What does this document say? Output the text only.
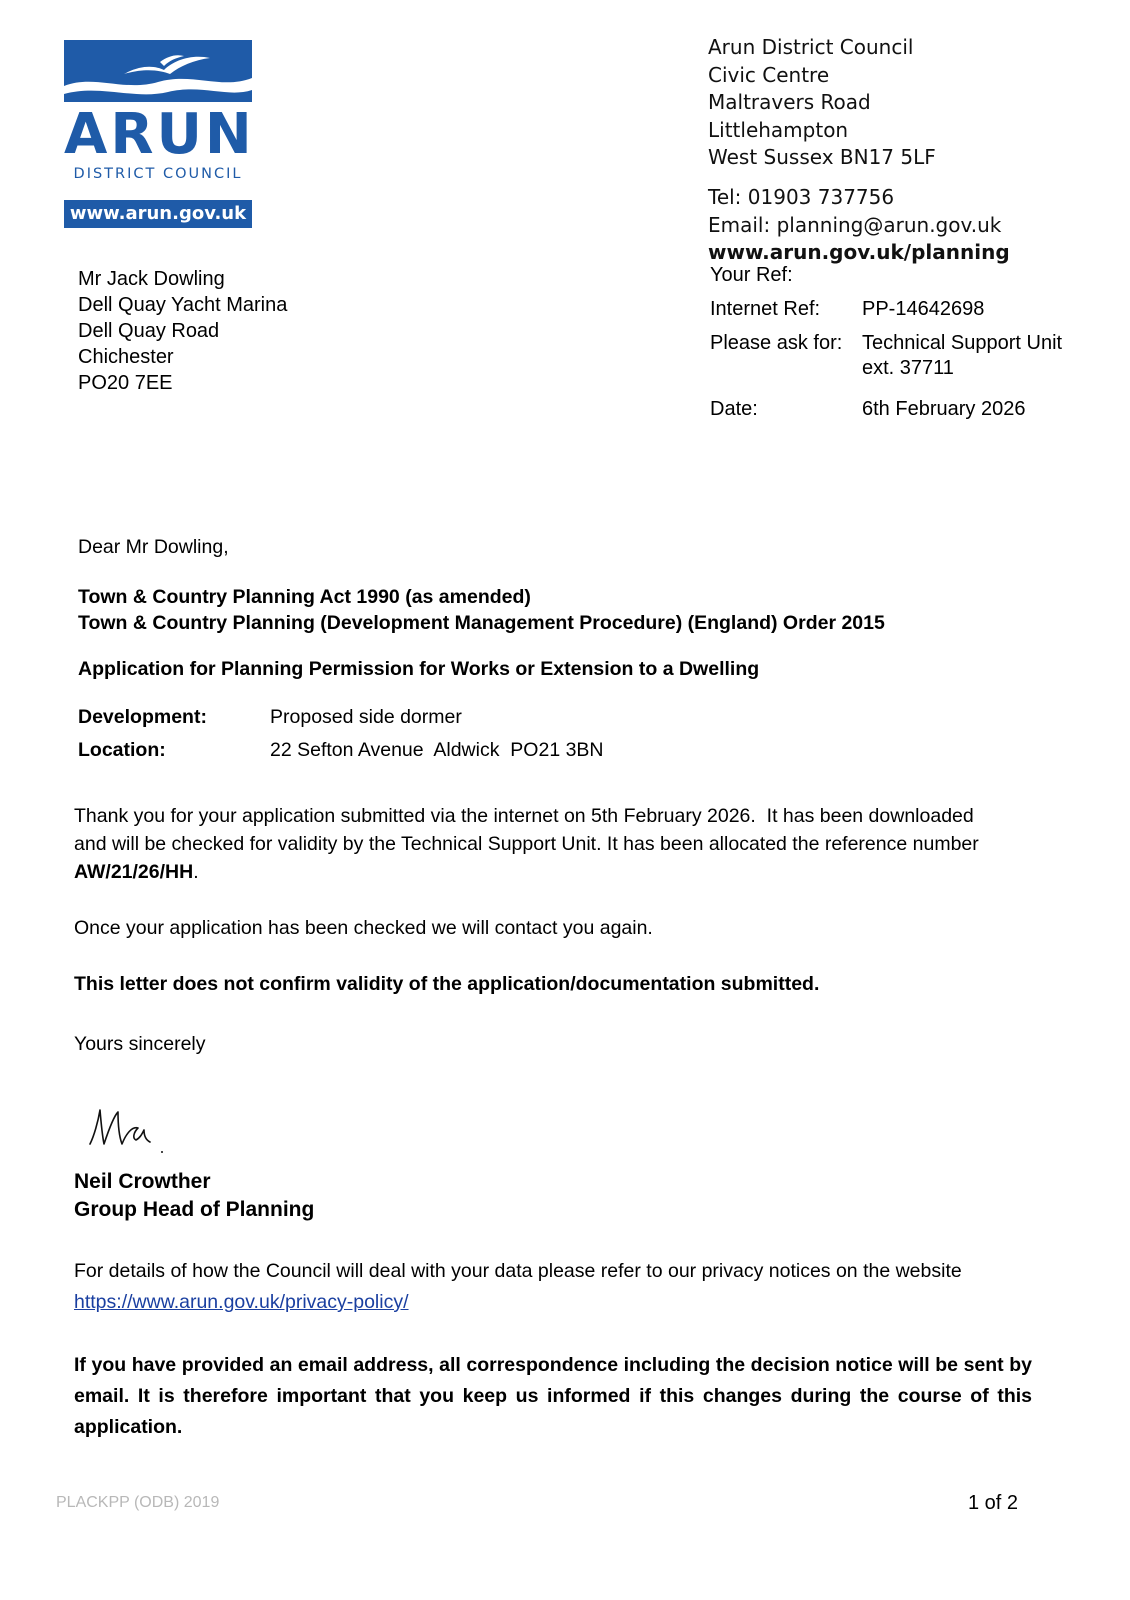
ARUN
DISTRICT COUNCIL
www.arun.gov.uk
Arun District Council
Civic Centre
Maltravers Road
Littlehampton
West Sussex BN17 5LF
Tel: 01903 737756
Email: planning@arun.gov.uk
www.arun.gov.uk/planning
Mr Jack Dowling
Dell Quay Yacht Marina
Dell Quay Road
Chichester
PO20 7EE
Your Ref:
Internet Ref: PP-14642698
Please ask for: Technical Support Unit
ext. 37711
Date:	6th February 2026
Dear Mr Dowling,
Town & Country Planning Act 1990 (as amended)
Town & Country Planning (Development Management Procedure) (England) Order 2015
Application for Planning Permission for Works or Extension to a Dwelling
Development:	Proposed side dormer
Location:	22 Sefton Avenue  Aldwick  PO21 3BN
Thank you for your application submitted via the internet on 5th February 2026.  It has been downloaded
and will be checked for validity by the Technical Support Unit. It has been allocated the reference number
AW/21/26/HH.
Once your application has been checked we will contact you again.
This letter does not confirm validity of the application/documentation submitted.
Yours sincerely
Neil Crowther
Group Head of Planning
For details of how the Council will deal with your data please refer to our privacy notices on the website
https://www.arun.gov.uk/privacy-policy/
If you have provided an email address, all correspondence including the decision notice will be sent by
email. It is therefore important that you keep us informed if this changes during the course of this
application.
PLACKPP (ODB) 2019	1 of 2
